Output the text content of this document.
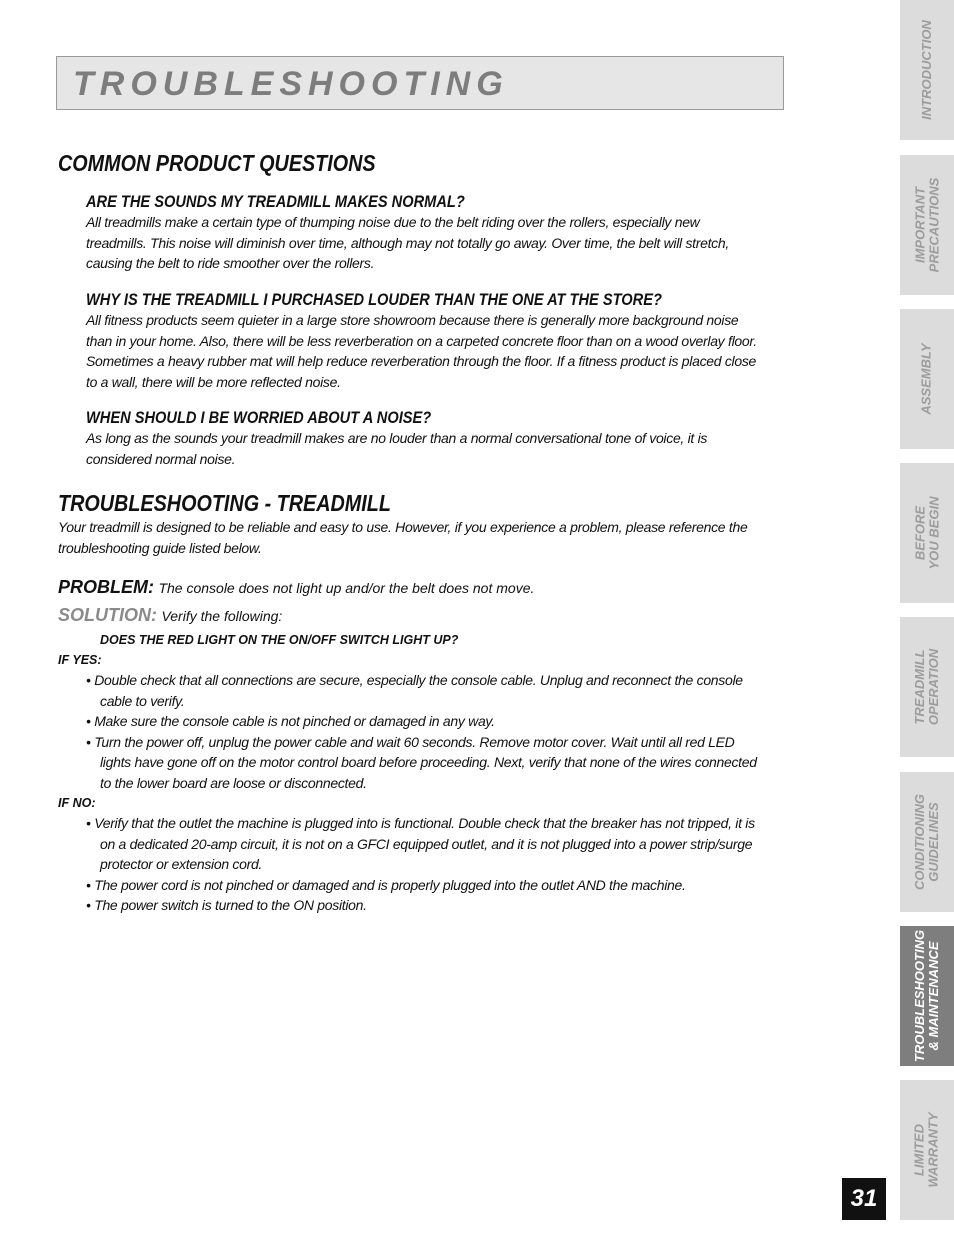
TROUBLESHOOTING
COMMON PRODUCT QUESTIONS
ARE THE SOUNDS MY TREADMILL MAKES NORMAL?

All treadmills make a certain type of thumping noise due to the belt riding over the rollers, especially new treadmills. This noise will diminish over time, although may not totally go away. Over time, the belt will stretch, causing the belt to ride smoother over the rollers.

WHY IS THE TREADMILL I PURCHASED LOUDER THAN THE ONE AT THE STORE?

All fitness products seem quieter in a large store showroom because there is generally more background noise than in your home. Also, there will be less reverberation on a carpeted concrete floor than on a wood overlay floor. Sometimes a heavy rubber mat will help reduce reverberation through the floor. If a fitness product is placed close to a wall, there will be more reflected noise.

WHEN SHOULD I BE WORRIED ABOUT A NOISE?

As long as the sounds your treadmill makes are no louder than a normal conversational tone of voice, it is considered normal noise.

TROUBLESHOOTING - TREADMILL

Your treadmill is designed to be reliable and easy to use. However, if you experience a problem, please reference the troubleshooting guide listed below.

PROBLEM: The console does not light up and/or the belt does not move.
SOLUTION: Verify the following:
DOES THE RED LIGHT ON THE ON/OFF SWITCH LIGHT UP?
IF YES:
• Double check that all connections are secure, especially the console cable. Unplug and reconnect the console cable to verify.
• Make sure the console cable is not pinched or damaged in any way.
• Turn the power off, unplug the power cable and wait 60 seconds. Remove motor cover. Wait until all red LED lights have gone off on the motor control board before proceeding. Next, verify that none of the wires connected to the lower board are loose or disconnected.
IF NO:
• Verify that the outlet the machine is plugged into is functional. Double check that the breaker has not tripped, it is on a dedicated 20-amp circuit, it is not on a GFCI equipped outlet, and it is not plugged into a power strip/surge protector or extension cord.
• The power cord is not pinched or damaged and is properly plugged into the outlet AND the machine.
• The power switch is turned to the ON position.
INTRODUCTION

IMPORTANT
PRECAUTIONS
ASSEMBLY

BEFORE
YOU BEGIN
TREADMILL
OPERATION
CONDITIONING
GUIDELINES
TROUBLESHOOTING
& MAINTENANCE
LIMITED
WARRANTY
31
